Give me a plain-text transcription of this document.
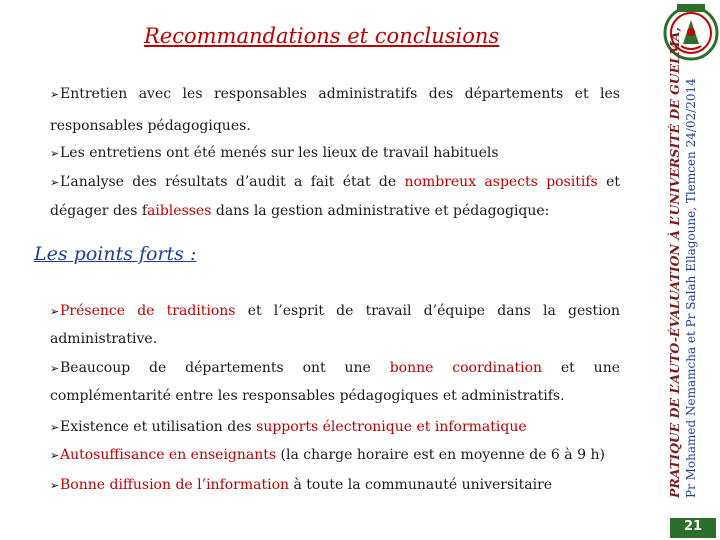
Recommandations et conclusions
➢Entretien avec les responsables administratifs des départements et les
responsables pédagogiques.
➢Les entretiens ont été menés sur les lieux de travail habituels
➢L’analyse des résultats d’audit a fait état de nombreux aspects positifs et
dégager des faiblesses dans la gestion administrative et pédagogique:
Les points forts :
➢Présence de traditions et l’esprit de travail d’équipe dans la gestion
administrative.
➢Beaucoup de départements ont une bonne coordination et une
complémentarité entre les responsables pédagogiques et administratifs.
➢Existence et utilisation des supports électronique et informatique
➢Autosuffisance en enseignants (la charge horaire est en moyenne de 6 à 9 h)
➢Bonne diffusion de l’information à toute la communauté universitaire	PRATIQUE DE L’AUTO-ÉVALUATION À L’UNIVERSITÉ DE GUELMA, Pr Mohamed Nemamcha et Pr Salah Ellagoune, Tlemcen 24/02/2014
21
